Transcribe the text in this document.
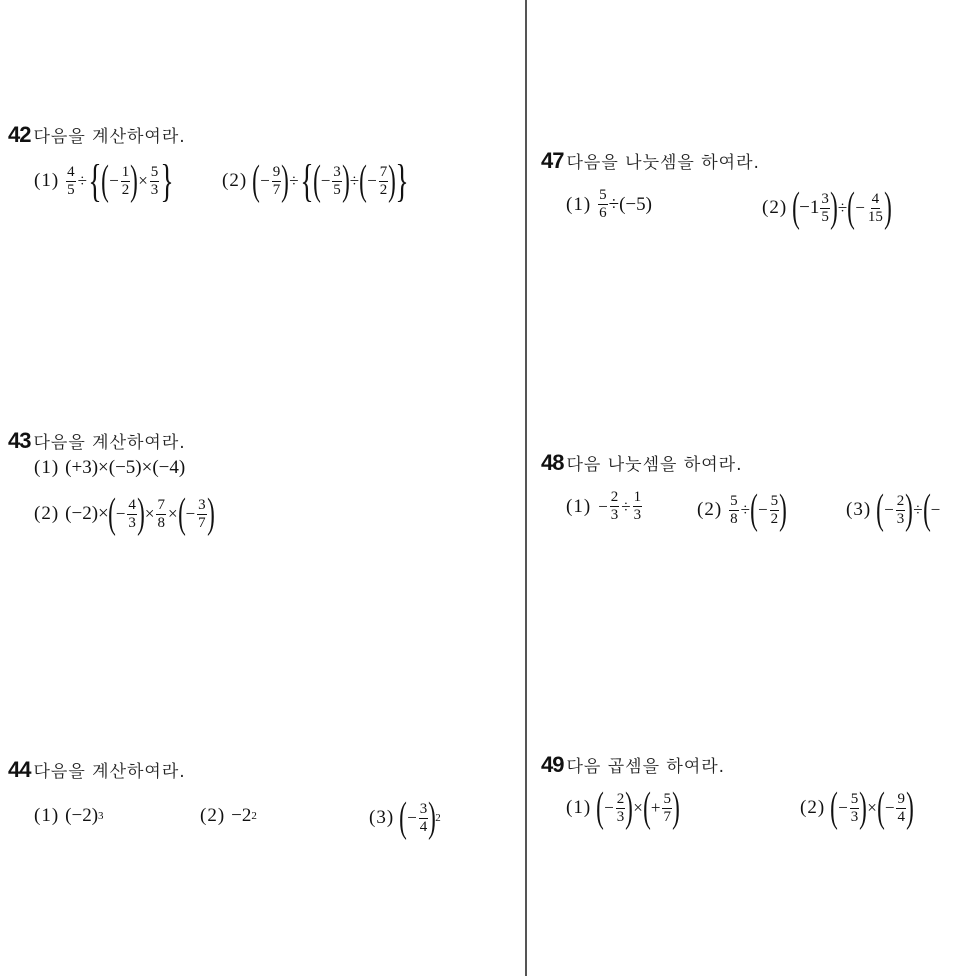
42 다음을 계산하여라.
$(1) \frac{4}{5}$ ÷ { ( − $\frac{1}{2}$ ) × $\frac{5}{3}$ }	(2) ( − $\frac{9}{7}$ ) ÷ { ( − $\frac{3}{5}$ ) ÷ ( − $\frac{7}{2}$ ) }
43 다음을 계산하여라.
(1) (+3)×(−5)×(−4)
(2) (−2)× ( − $\frac{4}{3}$ ) × $\frac{7}{8}$ × ( − $\frac{3}{7}$ )
44 다음을 계산하여라.
(1) (−2) 3	(2) −2 2	(3) ( − $\frac{3}{4}$ ) 2
47 다음을 나눗셈을 하여라.
$(1) \frac{5}{6} \div(-5)$	(2) ( $-1 \frac{3}{5}$ ) ÷ ( − $\frac{4}{15}$ )
48 다음 나눗셈을 하여라.
$(1) - \frac{2}{3} \div \frac{1}{3}$	$(2) \frac{5}{8}$ ÷ ( − $\frac{5}{2}$ )	(3) ( − $\frac{2}{3}$ ) ÷ ( −
49 다음 곱셈을 하여라.
(1) ( − $\frac{2}{3}$ ) × ( + $\frac{5}{7}$ )	(2) ( − $\frac{5}{3}$ ) × ( − $\frac{9}{4}$ )
